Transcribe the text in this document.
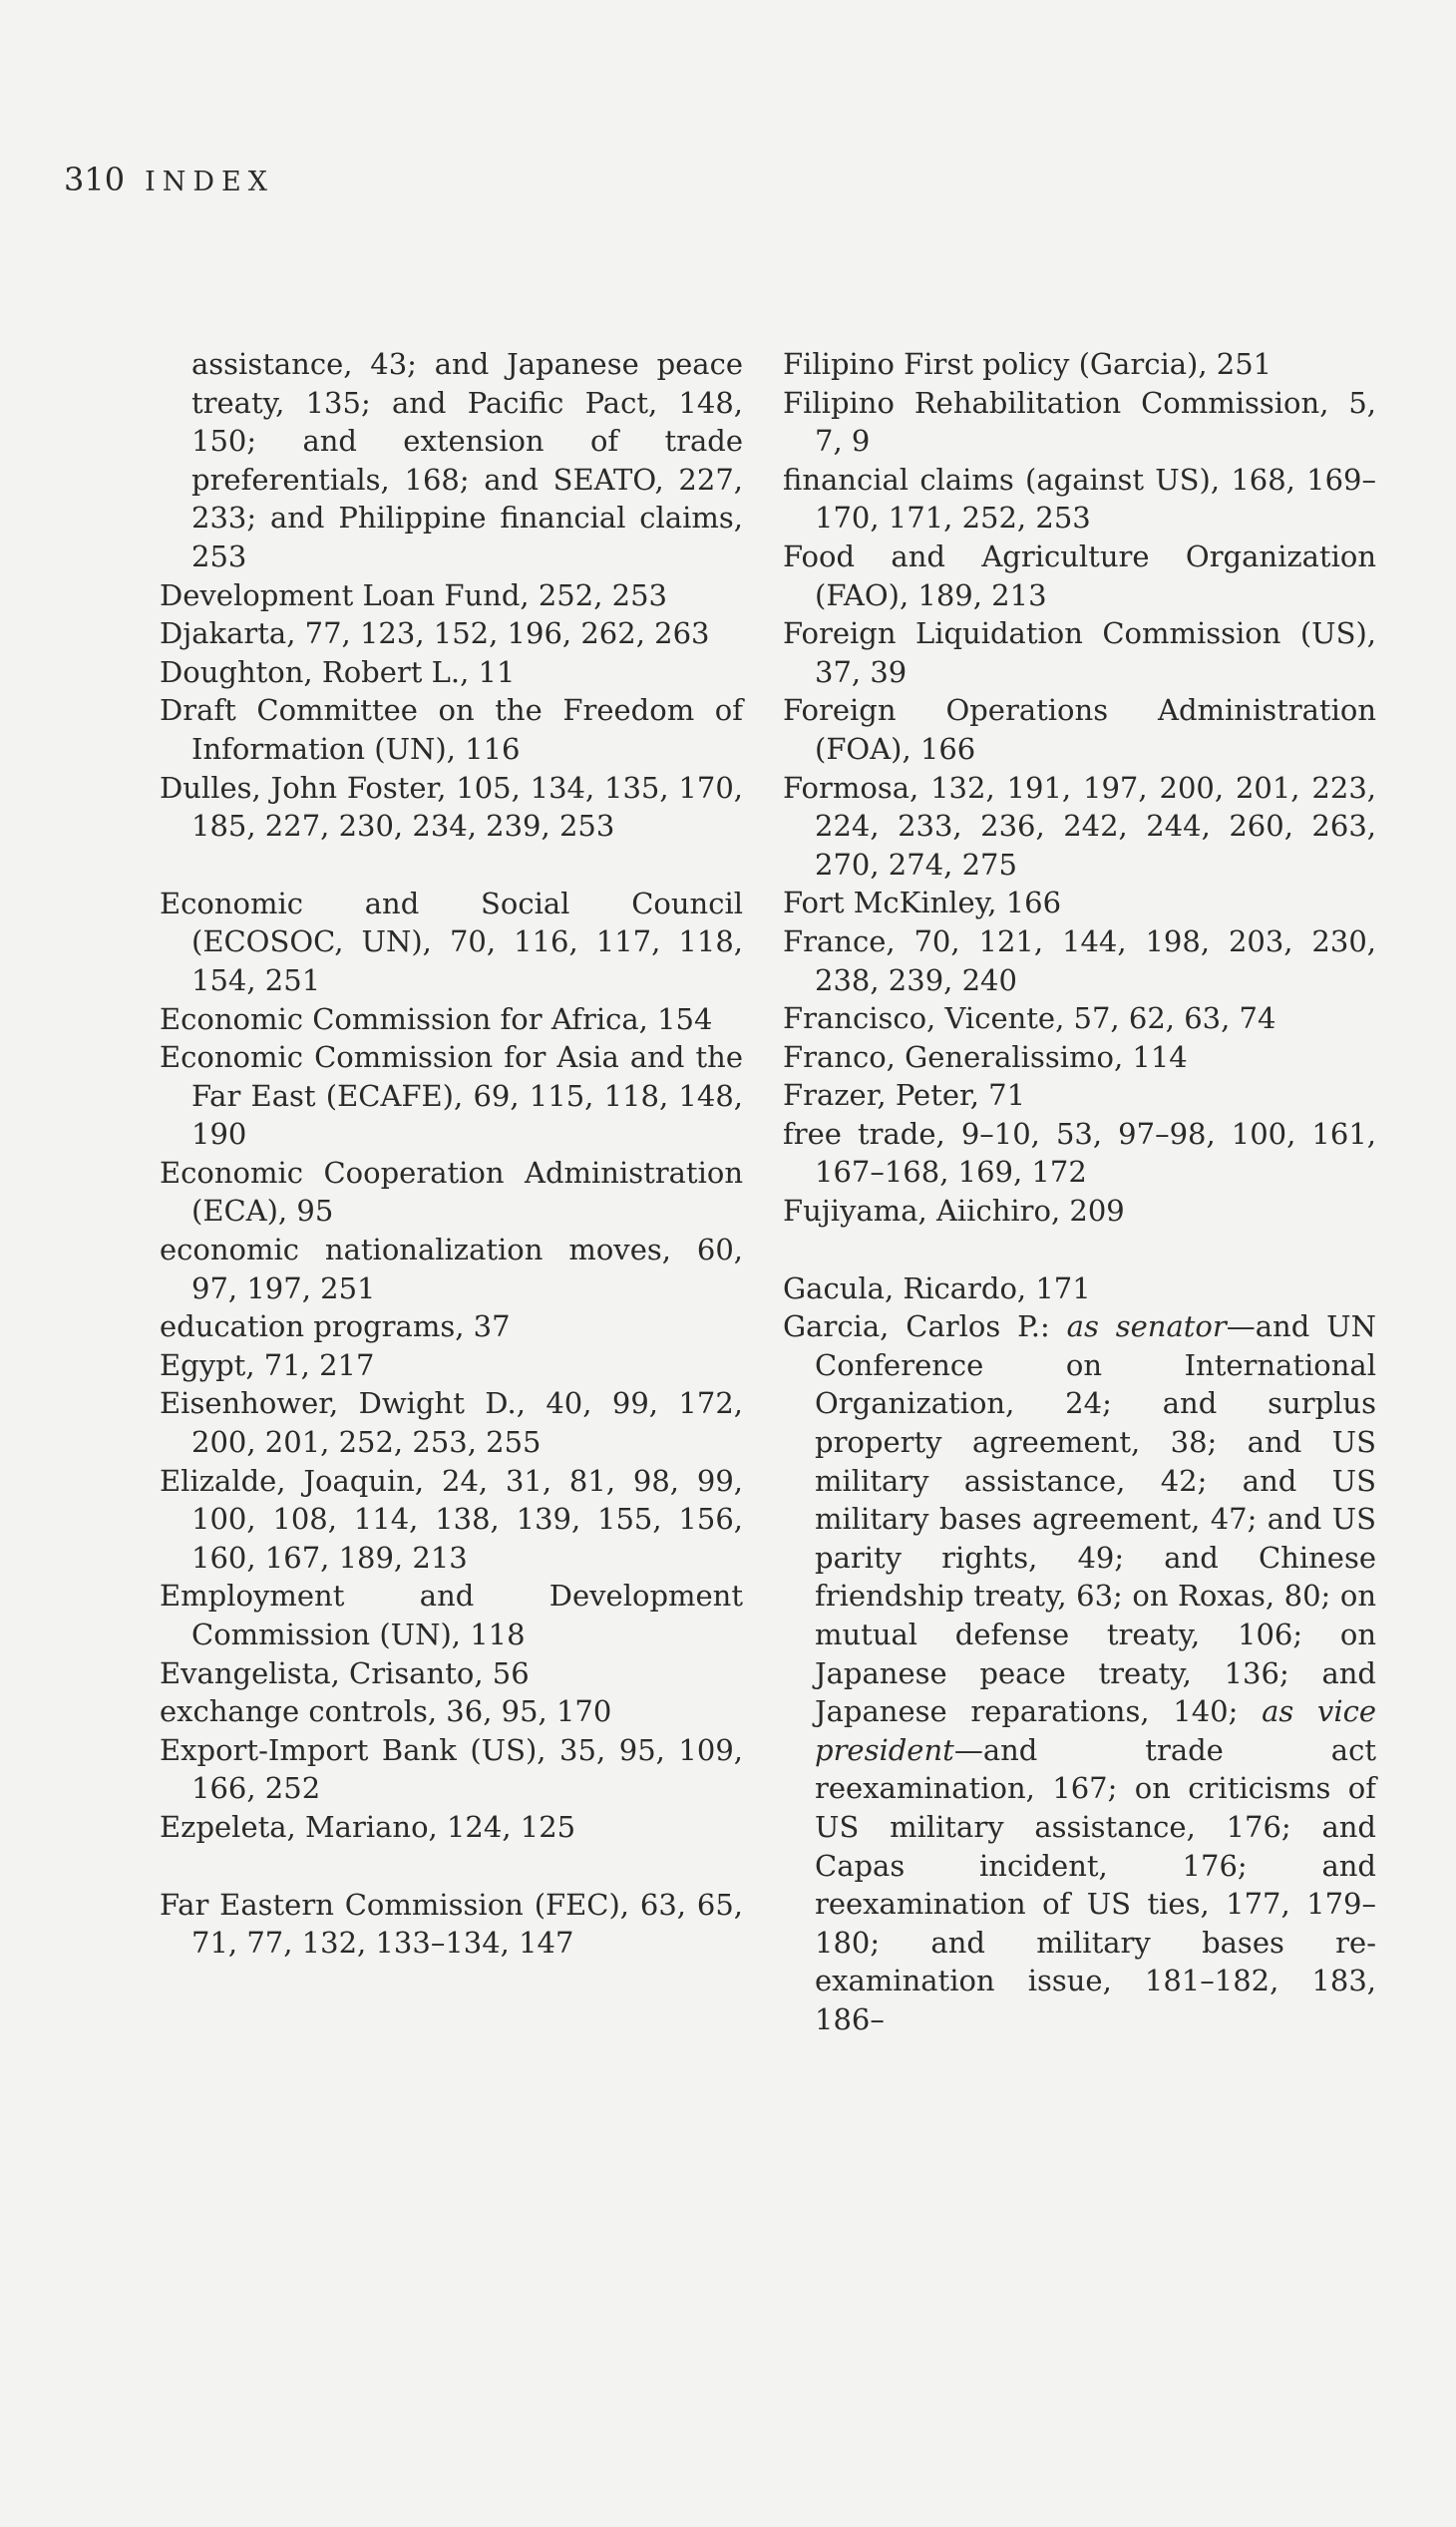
310 INDEX
assistance, 43; and Japanese peace treaty, 135; and Pacific Pact, 148, 150; and extension of trade preferentials, 168; and SEATO, 227, 233; and Philippine financial claims, 253
Development Loan Fund, 252, 253
Djakarta, 77, 123, 152, 196, 262, 263
Doughton, Robert L., 11
Draft Committee on the Freedom of Information (UN), 116
Dulles, John Foster, 105, 134, 135, 170, 185, 227, 230, 234, 239, 253
Economic and Social Council (ECOSOC, UN), 70, 116, 117, 118, 154, 251
Economic Commission for Africa, 154
Economic Commission for Asia and the Far East (ECAFE), 69, 115, 118, 148, 190
Economic Cooperation Administration (ECA), 95
economic nationalization moves, 60, 97, 197, 251
education programs, 37
Egypt, 71, 217
Eisenhower, Dwight D., 40, 99, 172, 200, 201, 252, 253, 255
Elizalde, Joaquin, 24, 31, 81, 98, 99, 100, 108, 114, 138, 139, 155, 156, 160, 167, 189, 213
Employment and Development Commission (UN), 118
Evangelista, Crisanto, 56
exchange controls, 36, 95, 170
Export-Import Bank (US), 35, 95, 109, 166, 252
Ezpeleta, Mariano, 124, 125
Far Eastern Commission (FEC), 63, 65, 71, 77, 132, 133–134, 147
Filipino First policy (Garcia), 251
Filipino Rehabilitation Commission, 5, 7, 9
financial claims (against US), 168, 169–170, 171, 252, 253
Food and Agriculture Organization (FAO), 189, 213
Foreign Liquidation Commission (US), 37, 39
Foreign Operations Administration (FOA), 166
Formosa, 132, 191, 197, 200, 201, 223, 224, 233, 236, 242, 244, 260, 263, 270, 274, 275
Fort McKinley, 166
France, 70, 121, 144, 198, 203, 230, 238, 239, 240
Francisco, Vicente, 57, 62, 63, 74
Franco, Generalissimo, 114
Frazer, Peter, 71
free trade, 9–10, 53, 97–98, 100, 161, 167–168, 169, 172
Fujiyama, Aiichiro, 209
Gacula, Ricardo, 171
Garcia, Carlos P.: as senator—and UN Conference on International Organization, 24; and surplus property agreement, 38; and US military assistance, 42; and US military bases agreement, 47; and US parity rights, 49; and Chinese friendship treaty, 63; on Roxas, 80; on mutual defense treaty, 106; on Japanese peace treaty, 136; and Japanese reparations, 140; as vice president—and trade act reexamination, 167; on criticisms of US military assistance, 176; and Capas incident, 176; and reexamination of US ties, 177, 179–180; and military bases re-examination issue, 181–182, 183, 186–
